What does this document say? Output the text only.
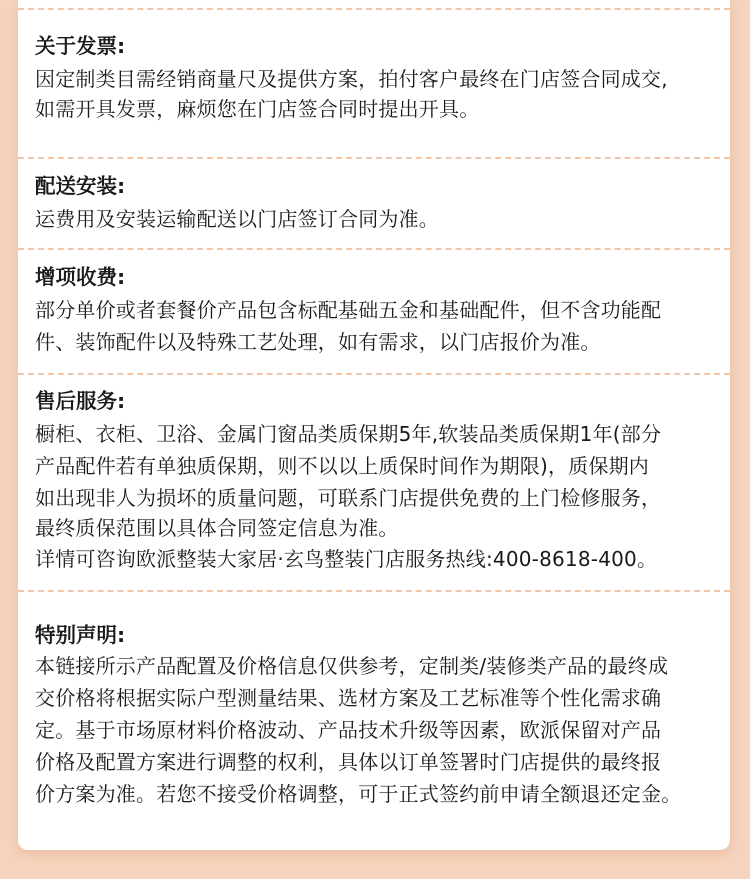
关于发票:
因定制类目需经销商量尺及提供方案，拍付客户最终在门店签合同成交,
如需开具发票，麻烦您在门店签合同时提出开具。
配送安装:
运费用及安装运输配送以门店签订合同为准。
增项收费:
部分单价或者套餐价产品包含标配基础五金和基础配件，但不含功能配
件、装饰配件以及特殊工艺处理，如有需求，以门店报价为准。
售后服务:
橱柜、衣柜、卫浴、金属门窗品类质保期5年,软装品类质保期1年(部分
产品配件若有单独质保期，则不以以上质保时间作为期限)，质保期内
如出现非人为损坏的质量问题，可联系门店提供免费的上门检修服务，
最终质保范围以具体合同签定信息为准。
详情可咨询欧派整装大家居·玄鸟整装门店服务热线:400-8618-400。
特别声明:
本链接所示产品配置及价格信息仅供参考，定制类/装修类产品的最终成
交价格将根据实际户型测量结果、选材方案及工艺标准等个性化需求确
定。基于市场原材料价格波动、产品技术升级等因素，欧派保留对产品
价格及配置方案进行调整的权利，具体以订单签署时门店提供的最终报
价方案为准。若您不接受价格调整，可于正式签约前申请全额退还定金。
